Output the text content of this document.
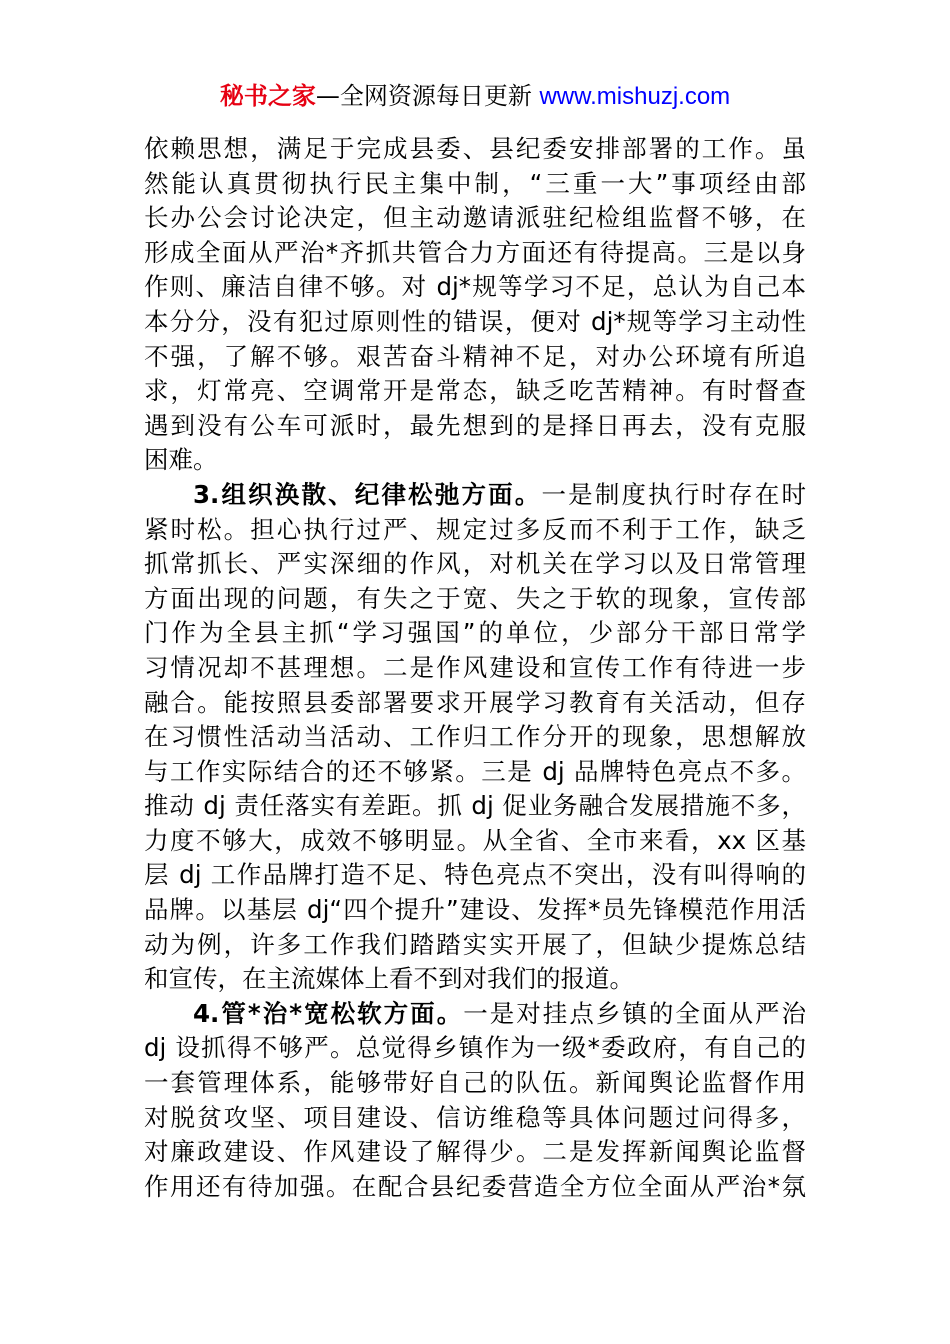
秘书之家—全网资源每日更新 www.mishuzj.com
依赖思想，满足于完成县委、县纪委安排部署的工作。虽
然能认真贯彻执行民主集中制，“三重一大”事项经由部
长办公会讨论决定，但主动邀请派驻纪检组监督不够，在
形成全面从严治*齐抓共管合力方面还有待提高。三是以身
作则、廉洁自律不够。对 dj*规等学习不足，总认为自己本
本分分，没有犯过原则性的错误，便对 dj*规等学习主动性
不强，了解不够。艰苦奋斗精神不足，对办公环境有所追
求，灯常亮、空调常开是常态，缺乏吃苦精神。有时督查
遇到没有公车可派时，最先想到的是择日再去，没有克服
困难。
3.组织涣散、纪律松弛方面。一是制度执行时存在时
紧时松。担心执行过严、规定过多反而不利于工作，缺乏
抓常抓长、严实深细的作风，对机关在学习以及日常管理
方面出现的问题，有失之于宽、失之于软的现象，宣传部
门作为全县主抓“学习强国”的单位，少部分干部日常学
习情况却不甚理想。二是作风建设和宣传工作有待进一步
融合。能按照县委部署要求开展学习教育有关活动，但存
在习惯性活动当活动、工作归工作分开的现象，思想解放
与工作实际结合的还不够紧。三是 dj 品牌特色亮点不多。
推动 dj 责任落实有差距。抓 dj 促业务融合发展措施不多，
力度不够大，成效不够明显。从全省、全市来看，xx 区基
层 dj 工作品牌打造不足、特色亮点不突出，没有叫得响的
品牌。以基层 dj“四个提升”建设、发挥*员先锋模范作用活
动为例，许多工作我们踏踏实实开展了，但缺少提炼总结
和宣传，在主流媒体上看不到对我们的报道。
4.管*治*宽松软方面。一是对挂点乡镇的全面从严治
dj 设抓得不够严。总觉得乡镇作为一级*委政府，有自己的
一套管理体系，能够带好自己的队伍。新闻舆论监督作用
对脱贫攻坚、项目建设、信访维稳等具体问题过问得多，
对廉政建设、作风建设了解得少。二是发挥新闻舆论监督
作用还有待加强。在配合县纪委营造全方位全面从严治*氛
